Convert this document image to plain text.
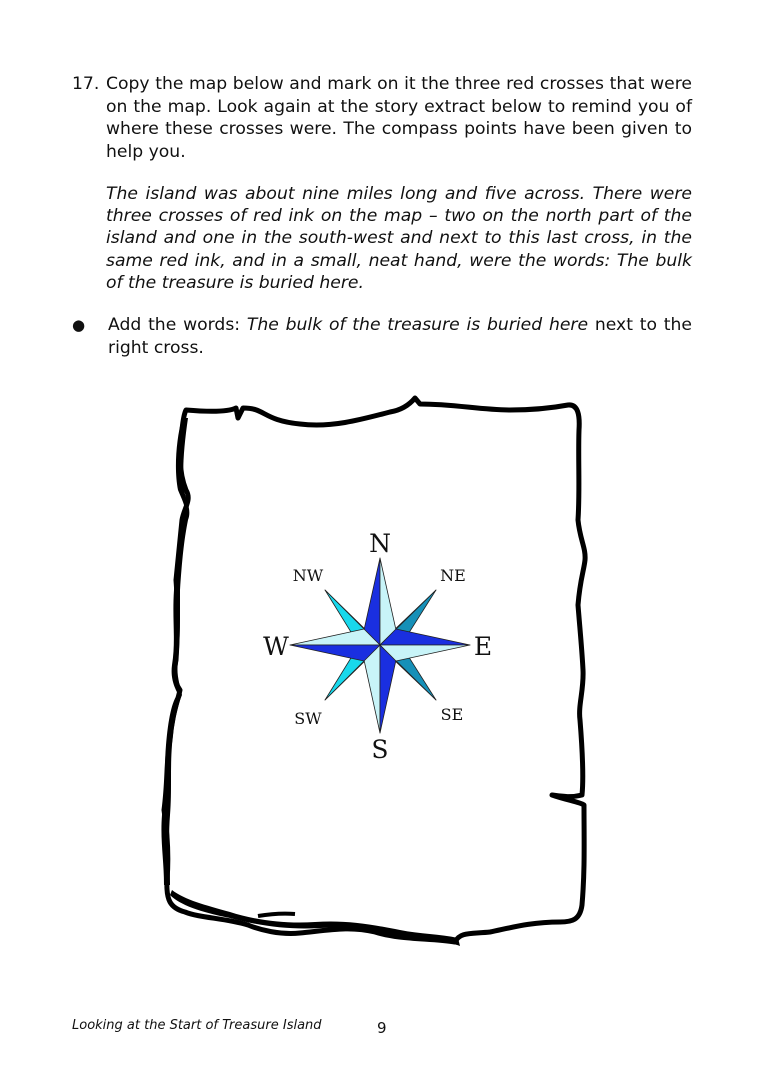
17. Copy the map below and mark on it the three red crosses that were on the map. Look again at the story extract below to remind you of where these crosses were. The compass points have been given to help you.
The island was about nine miles long and five across. There were three crosses of red ink on the map – two on the north part of the island and one in the south-west and next to this last cross, in the same red ink, and in a small, neat hand, were the words: The bulk of the treasure is buried here.
● Add the words: The bulk of the treasure is buried here next to the right cross.
N
S
E
W
NE
NW
SE
SW
Looking at the Start of Treasure Island	9
